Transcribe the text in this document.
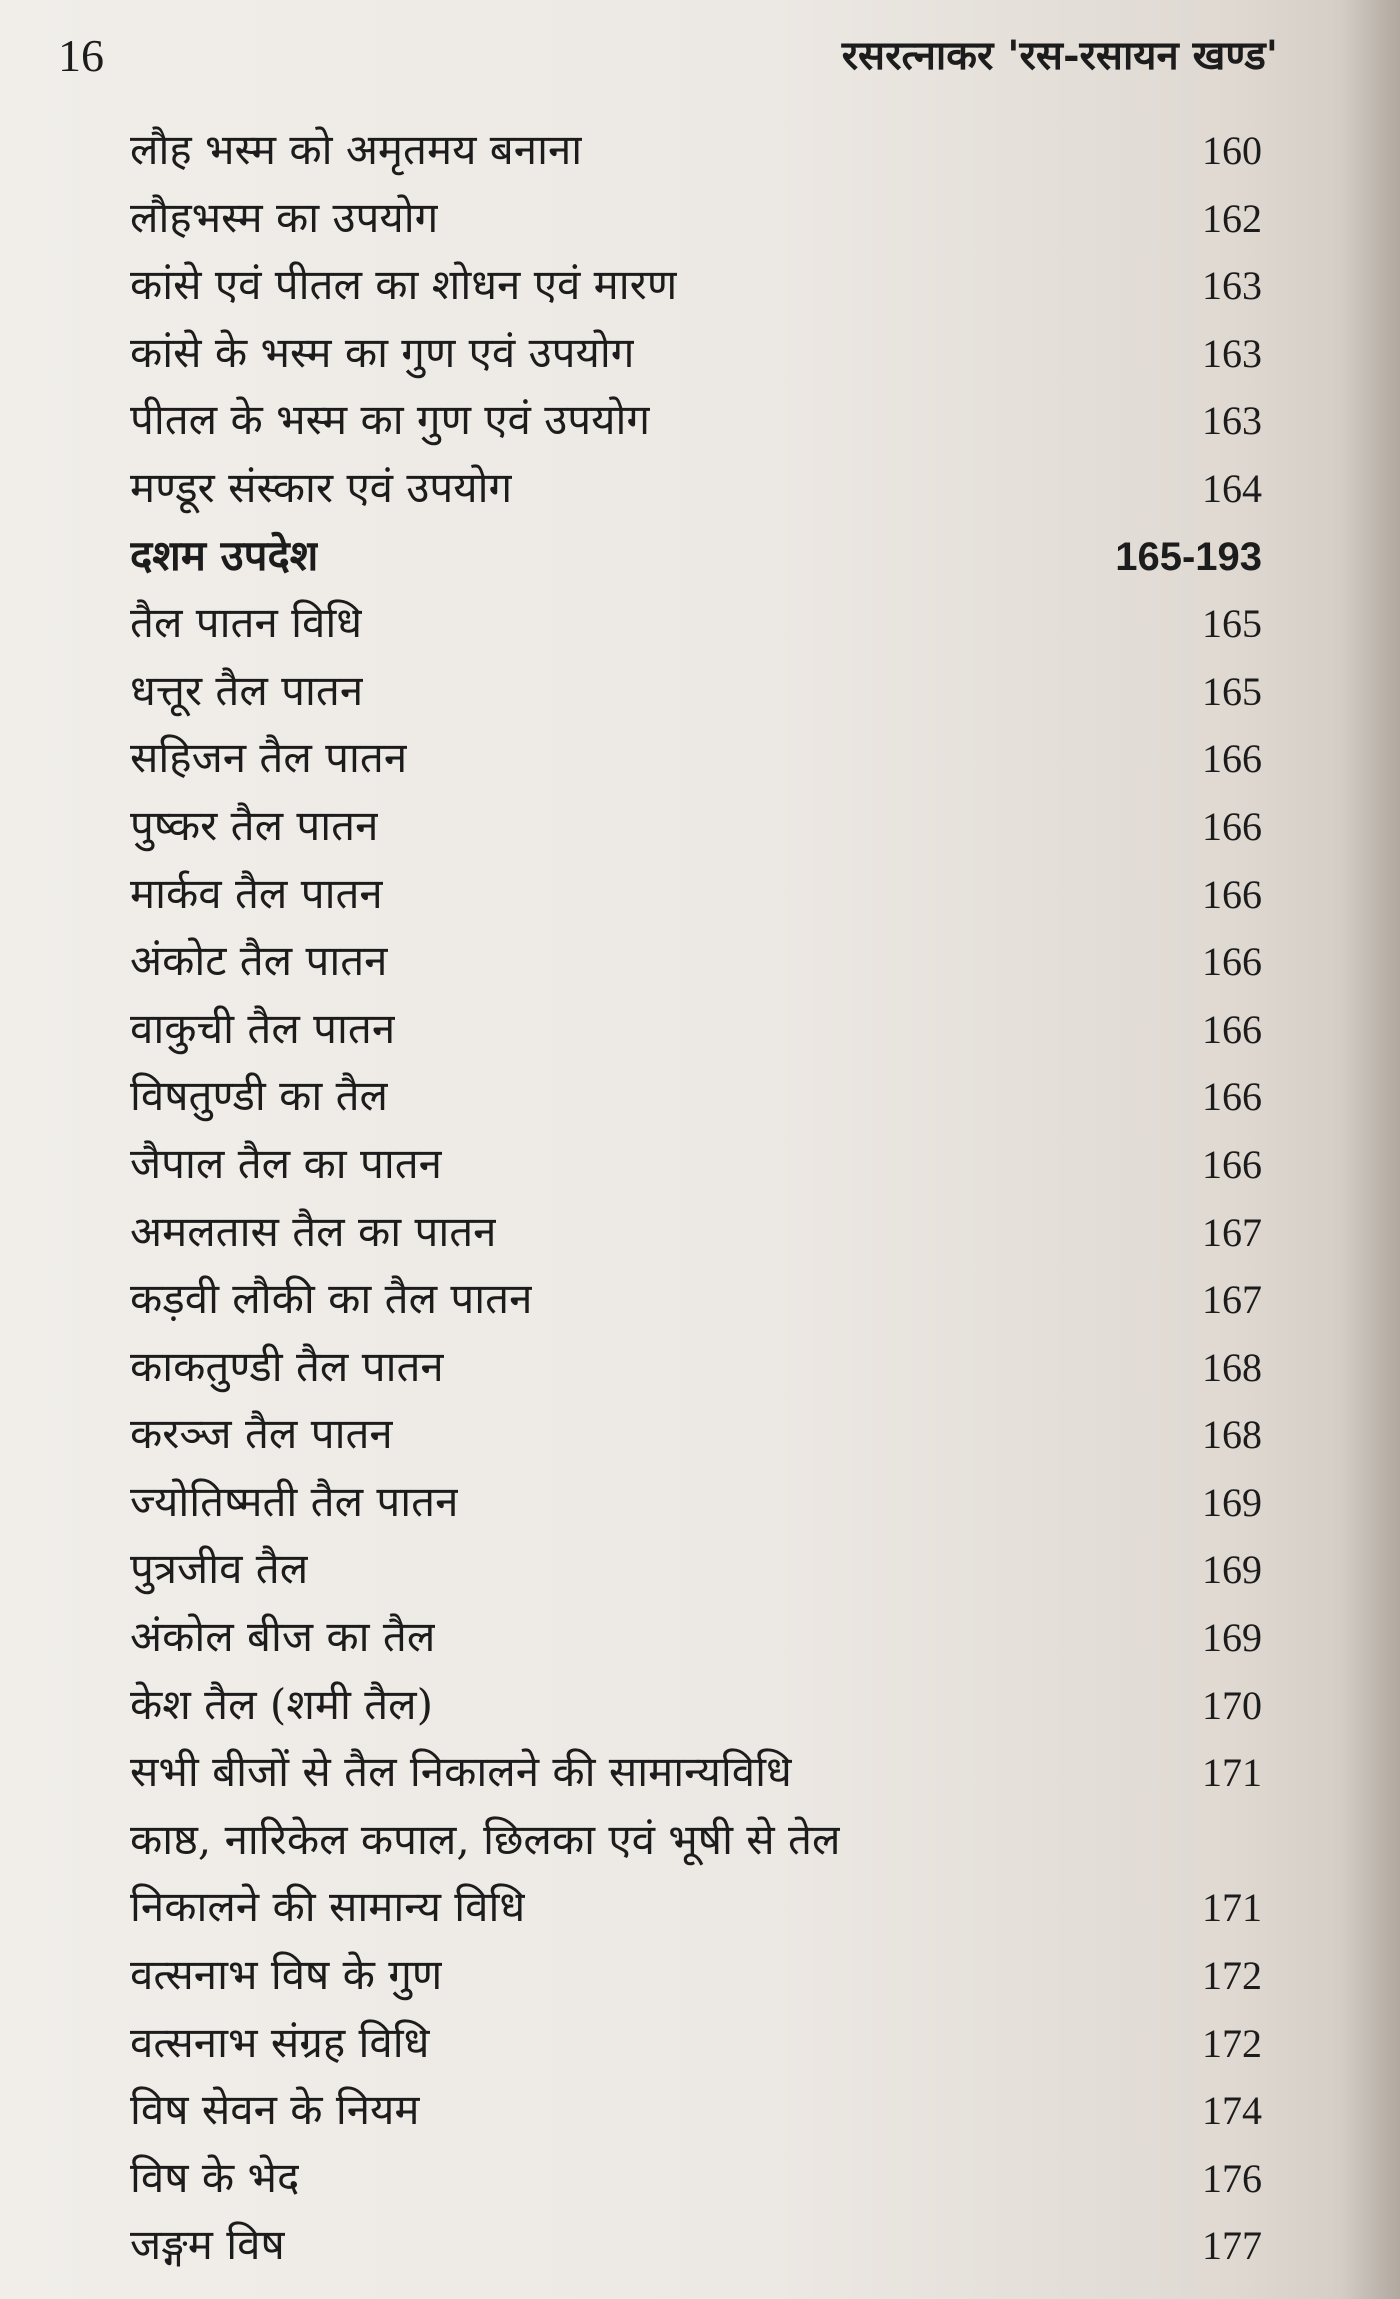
16	रसरत्नाकर 'रस-रसायन खण्ड'
लौह भस्म को अमृतमय बनाना	160
लौहभस्म का उपयोग	162
कांसे एवं पीतल का शोधन एवं मारण	163
कांसे के भस्म का गुण एवं उपयोग	163
पीतल के भस्म का गुण एवं उपयोग	163
मण्डूर संस्कार एवं उपयोग	164
दशम उपदेश	165-193
तैल पातन विधि	165
धत्तूर तैल पातन	165
सहिजन तैल पातन	166
पुष्कर तैल पातन	166
मार्कव तैल पातन	166
अंकोट तैल पातन	166
वाकुची तैल पातन	166
विषतुण्डी का तैल	166
जैपाल तैल का पातन	166
अमलतास तैल का पातन	167
कड़वी लौकी का तैल पातन	167
काकतुण्डी तैल पातन	168
करञ्ज तैल पातन	168
ज्योतिष्मती तैल पातन	169
पुत्रजीव तैल	169
अंकोल बीज का तैल	169
केश तैल (शमी तैल)	170
सभी बीजों से तैल निकालने की सामान्यविधि	171
काष्ठ, नारिकेल कपाल, छिलका एवं भूषी से तेल
निकालने की सामान्य विधि	171
वत्सनाभ विष के गुण	172
वत्सनाभ संग्रह विधि	172
विष सेवन के नियम	174
विष के भेद	176
जङ्गम विष	177
